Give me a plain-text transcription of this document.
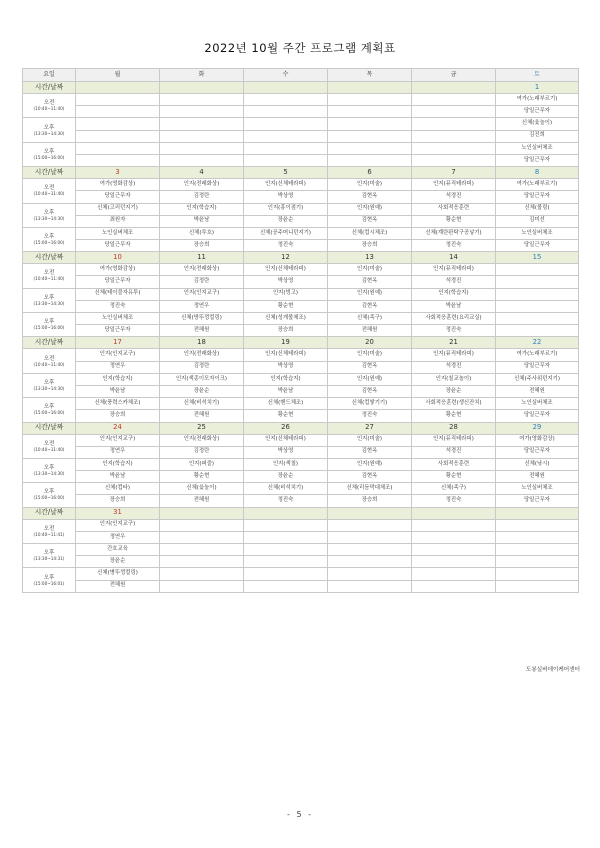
2022년 10월 주간 프로그램 계획표
요일	월	화	수	목	금	토
시간/날짜						1

오전
(10:40~11:40)						여가(노래부르기)
						당일근무자

오후
(13:30~14:30)						신체(윷놀이)
						김진희

오후
(15:00~16:00)						노인실버체조
						당일근무자
시간/날짜	3	4	5	6	7	8

오전
(10:40~11:40)	여가(영화감상)	인지(전래화상)	인지(신체테라피)	인지(미술)	인지(뮤직테라피)	여가(노래부르기)
	당일근무자	김정란	박상영	김현옥	석경진	당일근무자

오후
(13:30~14:30)	신체(고리던지기)	인지(학습지)	인지(흥이점기)	인지(원예)	사회적응훈련	신체(볼링)
	최원자	박윤남	장윤순	김현옥	황순현	김미선

오후
(15:00~16:00)	노인실버체조	신체(투호)	신체(공주머니던지기)	신체(컵시체조)	신체(계란판탁구공넣기)	노인실버체조
	당일근무자	장승희	정진숙	장승희	정진숙	당일근무자
시간/날짜	10	11	12	13	14	15

오전
(10:40~11:40)	여가(영화감상)	인지(전래화상)	인지(신체테라피)	인지(미술)	인지(뮤직테라피)	
	당일근무자	김정란	박상영	김현옥	석경진	

오후
(13:30~14:30)	신체(테이블자유투)	인지(인지교구)	인지(빙고)	인지(원예)	인지(학습지)	
	정진숙	정연우	황순현	김현옥	박윤남	

오후
(15:00~16:00)	노인실버체조	신체(방뚜껑컬링)	신체(성게볼체조)	신체(족구)	사회적응훈련(요리교실)	
	당일근무자	전혜원	장승희	전혜원	정진숙	
시간/날짜	17	18	19	20	21	22

오전
(10:40~11:40)	인지(인지교구)	인지(전래화상)	인지(신체테라피)	인지(미술)	인지(뮤직테라피)	여가(노래부르기)
	정연우	김정란	박상영	김현옥	석경진	당일근무자

오후
(13:30~14:30)	인지(학습지)	인지(색종이모자이크)	인지(학습지)	인지(원예)	인지(칠교놀이)	신체(주사위던지기)
	박윤남	장윤순	박윤남	김현옥	장윤순	전혜원

오후
(15:00~16:00)	신체(풍력스카체조)	신체(비석치기)	신체(밴드체조)	신체(컵쌓기기)	사회적응훈련(생신잔치)	노인실버체조
	장승희	전혜원	황순현	정진숙	황순현	당일근무자
시간/날짜	24	25	26	27	28	29

오전
(10:40~11:40)	인지(인지교구)	인지(전래화상)	인지(신체테라피)	인지(미술)	인지(뮤직테라피)	여가(영화감상)
	정연우	김정란	박상영	김현옥	석경진	당일근무자

오후
(13:30~14:30)	인지(학습지)	인지(퍼즐)	인지(색칠)	인지(원예)	사회적응훈련	신체(낚시)
	박윤남	황순현	장윤순	김현옥	황순현	전혜원

오후
(15:00~16:00)	신체(컵타)	신체(윷놀이)	신체(비석치기)	신체(리듬막대체조)	신체(족구)	노인실버체조
	장승희	전혜원	정진숙	장승희	정진숙	당일근무자
시간/날짜	31					

오전
(10:40~11:41)	인지(인지교구)					
	정연우					

오후
(13:30~14:31)	간호교육					
	장윤순					

오후
(15:00~16:01)	신체(병뚜껑컬링)					
	전혜원					
도봉실버데이케어센터
- 5 -
